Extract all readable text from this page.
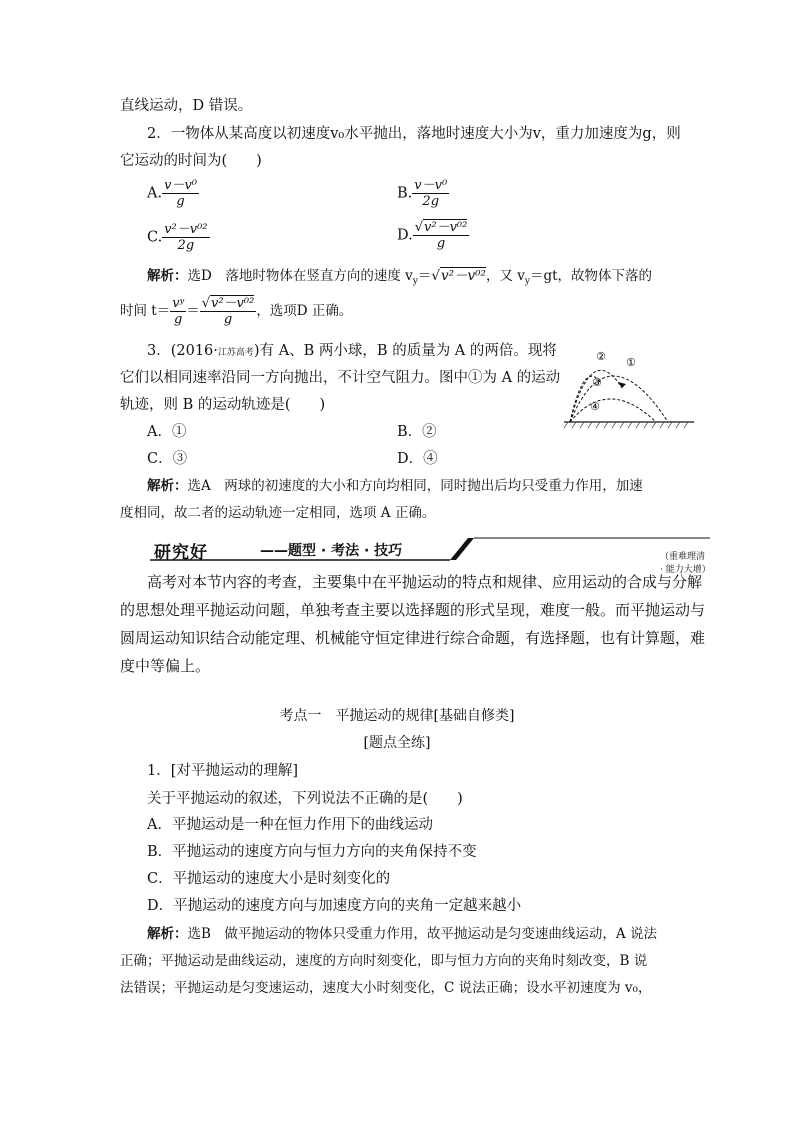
直线运动，D 错误。
2．一物体从某高度以初速度v₀水平抛出，落地时速度大小为v，重力加速度为g，则
它运动的时间为(　　)
A. $\frac{\text{v－v⁰}}{g}$	B. $\frac{\text{v－v⁰}}{2g}$
C. $\frac{\text{v²－v⁰²}}{2g}$	D. $\frac{\text{√v²－v⁰²}}{g}$
解析：选D　落地时物体在竖直方向的速度 $v_y=√v^2-v^{02}$，又 $v_y=gt$，故物体下落的
时间 $t= \frac{\text{vʸ}}{g} = \frac{\text{√v²－v⁰²}}{g}$ ，选项D 正确。
3．(2016·江苏高考)有 A、B 两小球，B 的质量为 A 的两倍。现将
它们以相同速率沿同一方向抛出，不计空气阻力。图中①为 A 的运动
轨迹，则 B 的运动轨迹是(　　)
①
②
③
④
A．①	B．②
C．③	D．④
解析：选A　两球的初速度的大小和方向均相同，同时抛出后均只受重力作用，加速
度相同，故二者的运动轨迹一定相同，选项 A 正确。
研究好	——题型 · 考法 · 技巧	（重难理清 · 能力大增）
高考对本节内容的考查，主要集中在平抛运动的特点和规律、应用运动的合成与分解
的思想处理平抛运动问题，单独考查主要以选择题的形式呈现，难度一般。而平抛运动与
圆周运动知识结合动能定理、机械能守恒定律进行综合命题，有选择题，也有计算题，难
度中等偏上。
考点一　平抛运动的规律[基础自修类]
[题点全练]
1．[对平抛运动的理解]
关于平抛运动的叙述，下列说法不正确的是(　　)
A．平抛运动是一种在恒力作用下的曲线运动
B．平抛运动的速度方向与恒力方向的夹角保持不变
C．平抛运动的速度大小是时刻变化的
D．平抛运动的速度方向与加速度方向的夹角一定越来越小
解析：选B　做平抛运动的物体只受重力作用，故平抛运动是匀变速曲线运动，A 说法
正确；平抛运动是曲线运动，速度的方向时刻变化，即与恒力方向的夹角时刻改变，B 说
法错误；平抛运动是匀变速运动，速度大小时刻变化，C 说法正确；设水平初速度为 v₀，
